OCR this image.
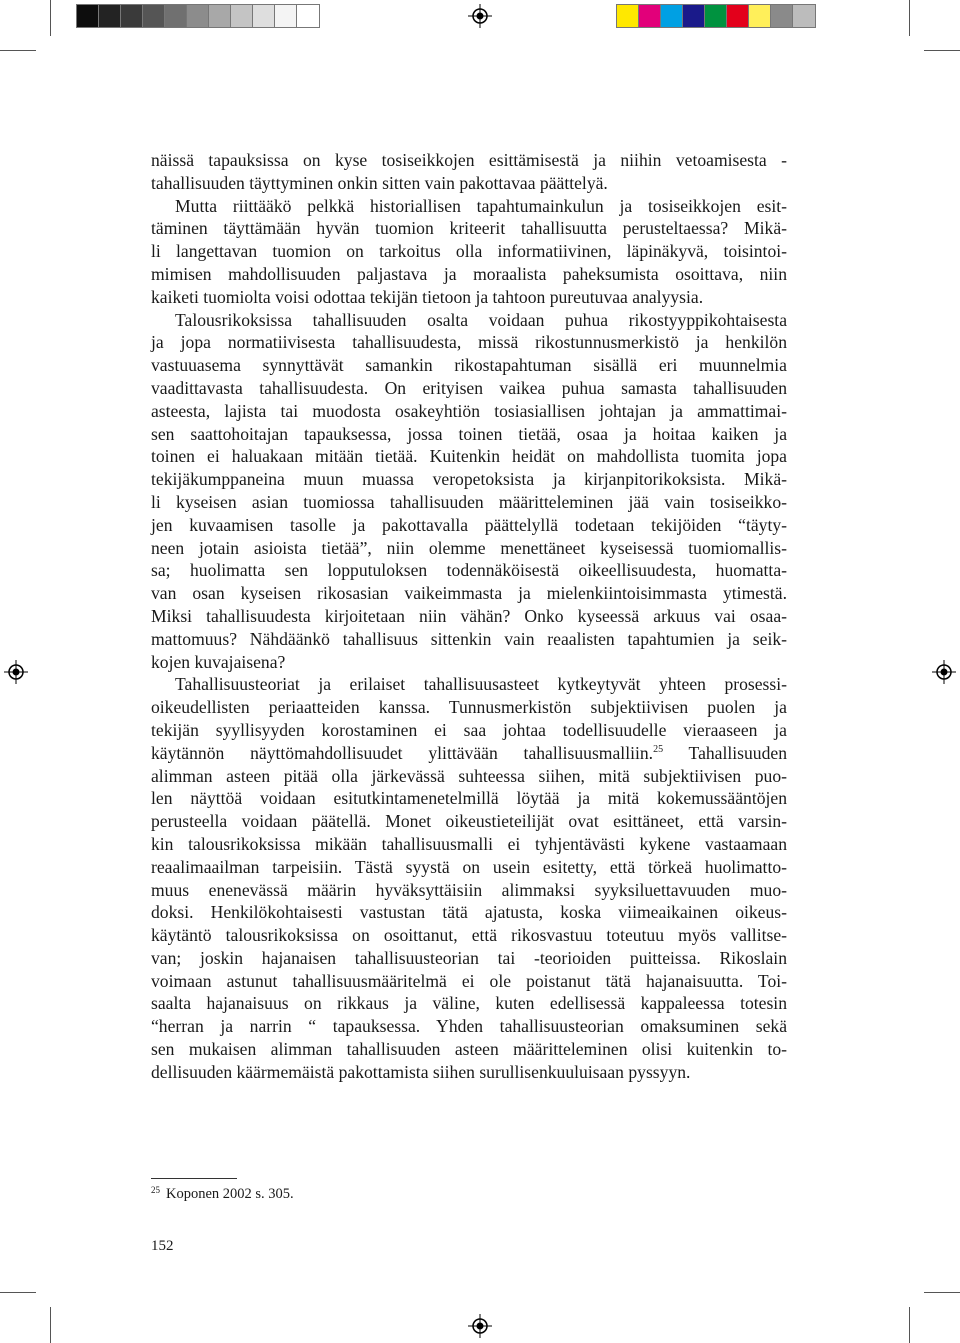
näissä tapauksissa on kyse tosiseikkojen esittämisestä ja niihin vetoamisesta -
tahallisuuden täyttyminen onkin sitten vain pakottavaa päättelyä.
Mutta riittääkö pelkkä historiallisen tapahtumainkulun ja tosiseikkojen esit-
täminen täyttämään hyvän tuomion kriteerit tahallisuutta perusteltaessa? Mikä-
li langettavan tuomion on tarkoitus olla informatiivinen, läpinäkyvä, toisintoi-
mimisen mahdollisuuden paljastava ja moraalista paheksumista osoittava, niin
kaiketi tuomiolta voisi odottaa tekijän tietoon ja tahtoon pureutuvaa analyysia.
Talousrikoksissa tahallisuuden osalta voidaan puhua rikostyyppikohtaisesta
ja jopa normatiivisesta tahallisuudesta, missä rikostunnusmerkistö ja henkilön
vastuuasema synnyttävät samankin rikostapahtuman sisällä eri muunnelmia
vaadittavasta tahallisuudesta. On erityisen vaikea puhua samasta tahallisuuden
asteesta, lajista tai muodosta osakeyhtiön tosiasiallisen johtajan ja ammattimai-
sen saattohoitajan tapauksessa, jossa toinen tietää, osaa ja hoitaa kaiken ja
toinen ei haluakaan mitään tietää. Kuitenkin heidät on mahdollista tuomita jopa
tekijäkumppaneina muun muassa veropetoksista ja kirjanpitorikoksista. Mikä-
li kyseisen asian tuomiossa tahallisuuden määritteleminen jää vain tosiseikko-
jen kuvaamisen tasolle ja pakottavalla päättelyllä todetaan tekijöiden “täyty-
neen jotain asioista tietää”, niin olemme menettäneet kyseisessä tuomiomallis-
sa; huolimatta sen lopputuloksen todennäköisestä oikeellisuudesta, huomatta-
van osan kyseisen rikosasian vaikeimmasta ja mielenkiintoisimmasta ytimestä.
Miksi tahallisuudesta kirjoitetaan niin vähän? Onko kyseessä arkuus vai osaa-
mattomuus? Nähdäänkö tahallisuus sittenkin vain reaalisten tapahtumien ja seik-
kojen kuvajaisena?
Tahallisuusteoriat ja erilaiset tahallisuusasteet kytkeytyvät yhteen prosessi-
oikeudellisten periaatteiden kanssa. Tunnusmerkistön subjektiivisen puolen ja
tekijän syyllisyyden korostaminen ei saa johtaa todellisuudelle vieraaseen ja
käytännön näyttömahdollisuudet ylittävään tahallisuusmalliin.$^{25}$ Tahallisuuden
alimman asteen pitää olla järkevässä suhteessa siihen, mitä subjektiivisen puo-
len näyttöä voidaan esitutkintamenetelmillä löytää ja mitä kokemussääntöjen
perusteella voidaan päätellä. Monet oikeustieteilijät ovat esittäneet, että varsin-
kin talousrikoksissa mikään tahallisuusmalli ei tyhjentävästi kykene vastaamaan
reaalimaailman tarpeisiin. Tästä syystä on usein esitetty, että törkeä huolimatto-
muus enenevässä määrin hyväksyttäisiin alimmaksi syyksiluettavuuden muo-
doksi. Henkilökohtaisesti vastustan tätä ajatusta, koska viimeaikainen oikeus-
käytäntö talousrikoksissa on osoittanut, että rikosvastuu toteutuu myös vallitse-
van; joskin hajanaisen tahallisuusteorian tai -teorioiden puitteissa. Rikoslain
voimaan astunut tahallisuusmääritelmä ei ole poistanut tätä hajanaisuutta. Toi-
saalta hajanaisuus on rikkaus ja väline, kuten edellisessä kappaleessa totesin
“herran ja narrin “ tapauksessa. Yhden tahallisuusteorian omaksuminen sekä
sen mukaisen alimman tahallisuuden asteen määritteleminen olisi kuitenkin to-
dellisuuden käärmemäistä pakottamista siihen surullisenkuuluisaan pyssyyn.
$^{25}$ Koponen 2002 s. 305.
152
